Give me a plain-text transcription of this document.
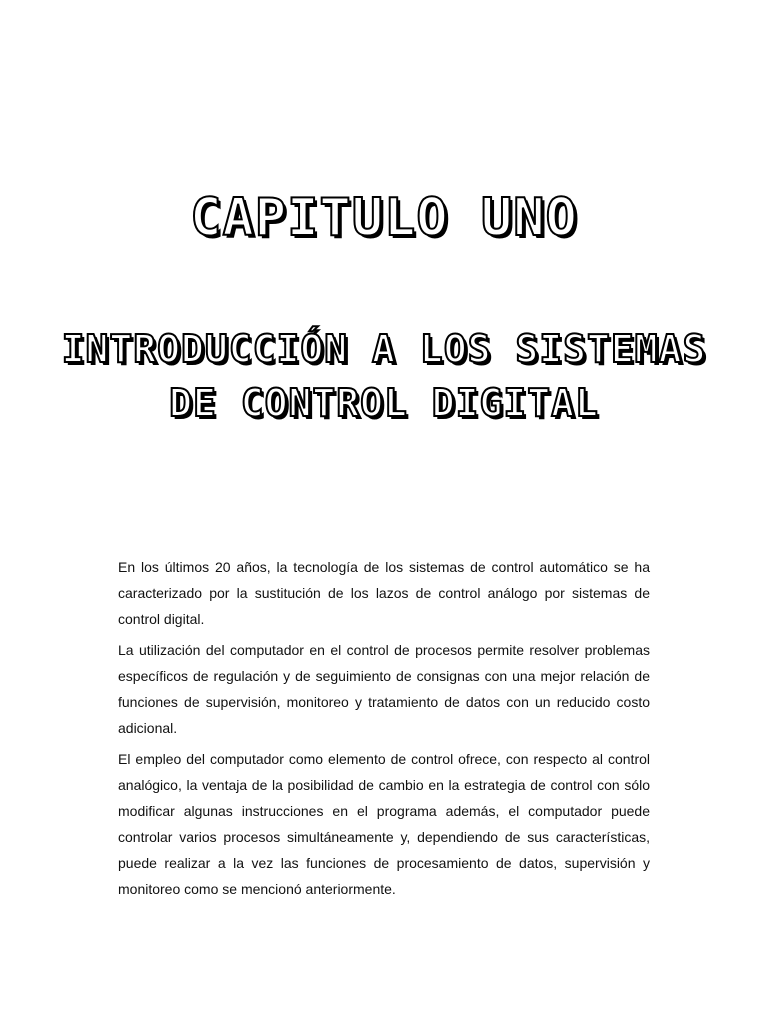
CAPITULO UNO
INTRODUCCIÓN A LOS SISTEMAS
DE CONTROL DIGITAL

En los últimos 20 años, la tecnología de los sistemas de control automático se ha caracterizado por la sustitución de los lazos de control análogo por sistemas de control digital.

La utilización del computador en el control de procesos permite resolver problemas específicos de regulación y de seguimiento de consignas con una mejor relación de funciones de supervisión, monitoreo y tratamiento de datos con un reducido costo adicional.

El empleo del computador como elemento de control ofrece, con respecto al control analógico, la ventaja de la posibilidad de cambio en la estrategia de control con sólo modificar algunas instrucciones en el programa además, el computador puede controlar varios procesos simultáneamente y, dependiendo de sus características, puede realizar a la vez las funciones de procesamiento de datos, supervisión y monitoreo como se mencionó anteriormente.
